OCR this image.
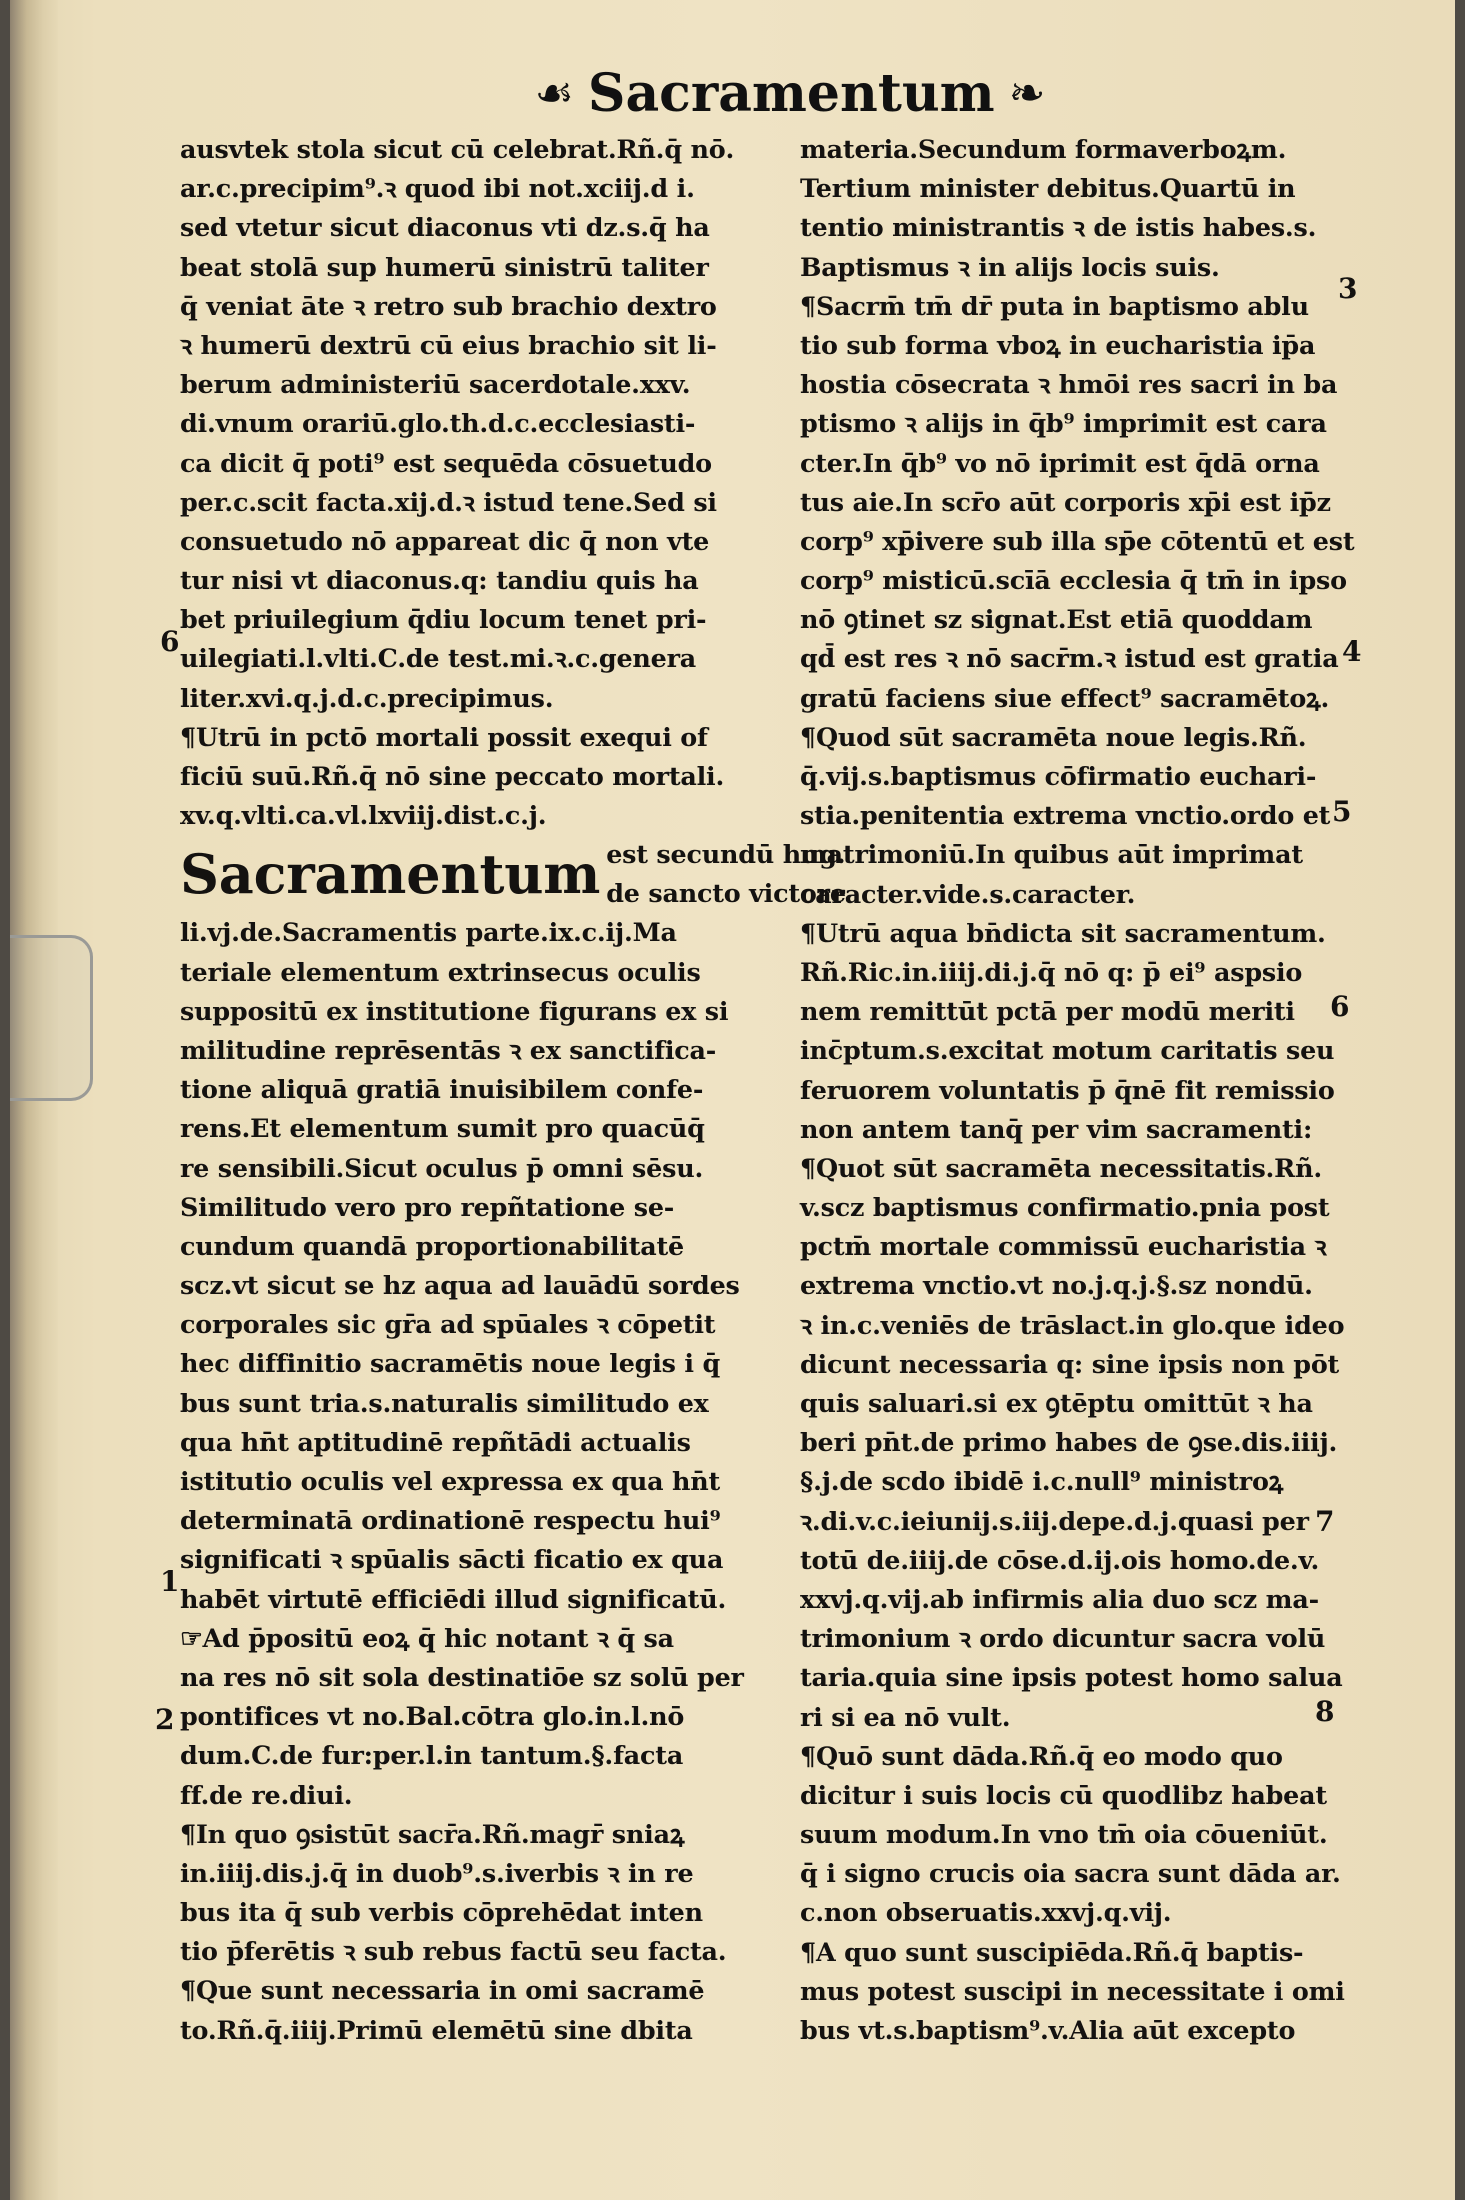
☙ Sacramentum ❧
ausvtek stola sicut cū celebrat.Rñ.q̄ nō.
ar.c.precipim⁹.ꝛ quod ibi not.xciij.d i.
sed vtetur sicut diaconus vti dz.s.q̄ ha
beat stolā sup humerū sinistrū taliter
q̄ veniat āte ꝛ retro sub brachio dextro
ꝛ humerū dextrū cū eius brachio sit li-
berum administeriū sacerdotale.xxv.
di.vnum orariū.glo.th.d.c.ecclesiasti-
ca dicit q̄ poti⁹ est sequēda cōsuetudo
per.c.scit facta.xij.d.ꝛ istud tene.Sed si
consuetudo nō appareat dic q̄ non vte
tur nisi vt diaconus.q: tandiu quis ha
bet priuilegium q̄diu locum tenet pri-
uilegiati.l.vlti.C.de test.mi.ꝛ.c.genera
liter.xvi.q.j.d.c.precipimus.
¶Utrū in pctō mortali possit exequi of
ficiū suū.Rñ.q̄ nō sine peccato mortali.
xv.q.vlti.ca.vl.lxviij.dist.c.j.
Sacramentum est secundū hug.
de sancto victore
li.vj.de.Sacramentis parte.ix.c.ij.Ma
teriale elementum extrinsecus oculis
suppositū ex institutione figurans ex si
militudine reprēsentās ꝛ ex sanctifica-
tione aliquā gratiā inuisibilem confe-
rens.Et elementum sumit pro quacūq̄
re sensibili.Sicut oculus p̄ omni sēsu.
Similitudo vero pro repñtatione se-
cundum quandā proportionabilitatē
scz.vt sicut se hz aqua ad lauādū sordes
corporales sic gr̄a ad spūales ꝛ cōpetit
hec diffinitio sacramētis noue legis i q̄
bus sunt tria.s.naturalis similitudo ex
qua hn̄t aptitudinē repñtādi actualis
istitutio oculis vel expressa ex qua hn̄t
determinatā ordinationē respectu hui⁹
significati ꝛ spūalis sācti ficatio ex qua
habēt virtutē efficiēdi illud significatū.
☞Ad p̄positū eoꝝ q̄ hic notant ꝛ q̄ sa
na res nō sit sola destinatiōe sz solū per
pontifices vt no.Bal.cōtra glo.in.l.nō
dum.C.de fur:per.l.in tantum.§.facta
ff.de re.diui.
¶In quo ꝯsistūt sacr̄a.Rñ.magr̄ sniaꝝ
in.iiij.dis.j.q̄ in duob⁹.s.iverbis ꝛ in re
bus ita q̄ sub verbis cōprehēdat inten
tio p̄ferētis ꝛ sub rebus factū seu facta.
¶Que sunt necessaria in omi sacramē
to.Rñ.q̄.iiij.Primū elemētū sine dbita
materia.Secundum formaverboꝝm.
Tertium minister debitus.Quartū in
tentio ministrantis ꝛ de istis habes.s.
Baptismus ꝛ in alijs locis suis.
¶Sacrm̄ tm̄ dr̄ puta in baptismo ablu
tio sub forma vboꝝ in eucharistia ip̄a
hostia cōsecrata ꝛ hmōi res sacri in ba
ptismo ꝛ alijs in q̄b⁹ imprimit est cara
cter.In q̄b⁹ vo nō iprimit est q̄dā orna
tus aie.In scr̄o aūt corporis xp̄i est ip̄z
corp⁹ xp̄ivere sub illa sp̄e cōtentū et est
corp⁹ misticū.scīā ecclesia q̄ tm̄ in ipso
nō ꝯtinet sz signat.Est etiā quoddam
qd̄ est res ꝛ nō sacr̄m.ꝛ istud est gratia
gratū faciens siue effect⁹ sacramētoꝝ.
¶Quod sūt sacramēta noue legis.Rñ.
q̄.vij.s.baptismus cōfirmatio euchari-
stia.penitentia extrema vnctio.ordo et
matrimoniū.In quibus aūt imprimat
caracter.vide.s.caracter.
¶Utrū aqua bn̄dicta sit sacramentum.
Rñ.Ric.in.iiij.di.j.q̄ nō q: p̄ ei⁹ aspsio
nem remittūt pctā per modū meriti
inc̄ptum.s.excitat motum caritatis seu
feruorem voluntatis p̄ q̄nē fit remissio
non antem tanq̄ per vim sacramenti:
¶Quot sūt sacramēta necessitatis.Rñ.
v.scz baptismus confirmatio.pnia post
pctm̄ mortale commissū eucharistia ꝛ
extrema vnctio.vt no.j.q.j.§.sz nondū.
ꝛ in.c.veniēs de trāslact.in glo.que ideo
dicunt necessaria q: sine ipsis non pōt
quis saluari.si ex ꝯtēptu omittūt ꝛ ha
beri pn̄t.de primo habes de ꝯse.dis.iiij.
§.j.de scdo ibidē i.c.null⁹ ministroꝝ
ꝛ.di.v.c.ieiunij.s.iij.depe.d.j.quasi per
totū de.iiij.de cōse.d.ij.ois homo.de.v.
xxvj.q.vij.ab infirmis alia duo scz ma-
trimonium ꝛ ordo dicuntur sacra volū
taria.quia sine ipsis potest homo salua
ri si ea nō vult.
¶Quō sunt dāda.Rñ.q̄ eo modo quo
dicitur i suis locis cū quodlibz habeat
suum modum.In vno tm̄ oia cōueniūt.
q̄ i signo crucis oia sacra sunt dāda ar.
c.non obseruatis.xxvj.q.vij.
¶A quo sunt suscipiēda.Rñ.q̄ baptis-
mus potest suscipi in necessitate i omi
bus vt.s.baptism⁹.v.Alia aūt excepto
6
1
2
3
4
5
6
7
8
